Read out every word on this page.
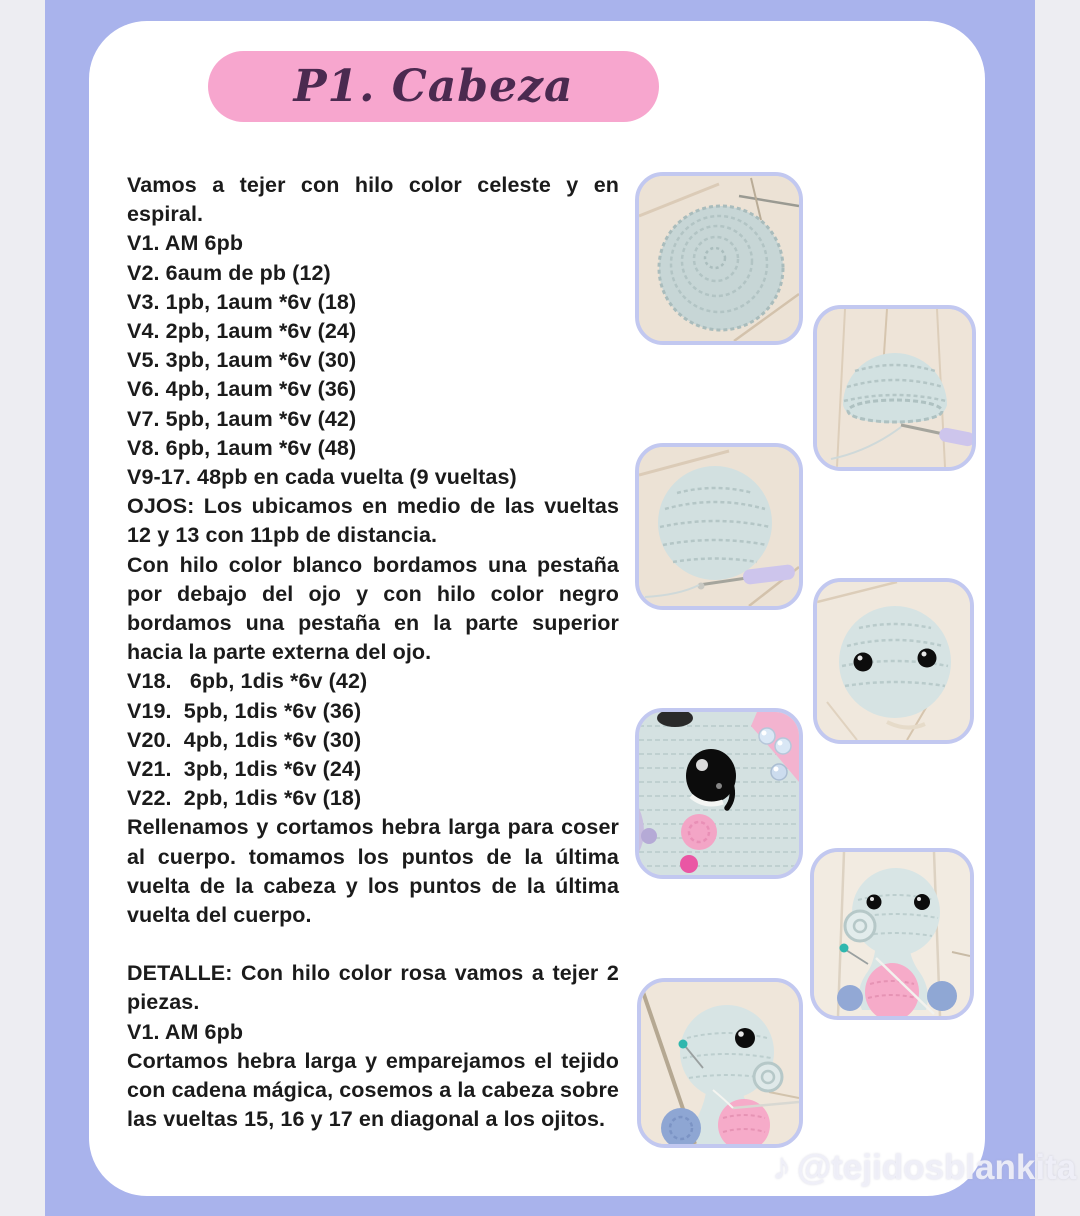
P1. Cabeza

Vamos a tejer con hilo color celeste y en espiral.

V1. AM 6pb
V2. 6aum de pb (12)
V3. 1pb, 1aum *6v (18)
V4. 2pb, 1aum *6v (24)
V5. 3pb, 1aum *6v (30)
V6. 4pb, 1aum *6v (36)
V7. 5pb, 1aum *6v (42)
V8. 6pb, 1aum *6v (48)
V9-17. 48pb en cada vuelta (9 vueltas)

OJOS: Los ubicamos en medio de las vueltas 12 y 13 con 11pb de distancia.

Con hilo color blanco bordamos una pestaña por debajo del ojo y con hilo color negro bordamos una pestaña en la parte superior hacia la parte externa del ojo.

V18.   6pb, 1dis *6v (42)
V19.  5pb, 1dis *6v (36)
V20.  4pb, 1dis *6v (30)
V21.  3pb, 1dis *6v (24)
V22.  2pb, 1dis *6v (18)

Rellenamos y cortamos hebra larga para coser al cuerpo. tomamos los puntos de la última vuelta de la cabeza y los puntos de la última vuelta del cuerpo.

DETALLE: Con hilo color rosa vamos a tejer 2 piezas.

V1. AM 6pb

Cortamos hebra larga y emparejamos el tejido con cadena mágica, cosemos a la cabeza sobre las vueltas 15, 16 y 17 en diagonal a los ojitos.

♪ @tejidosblankita
